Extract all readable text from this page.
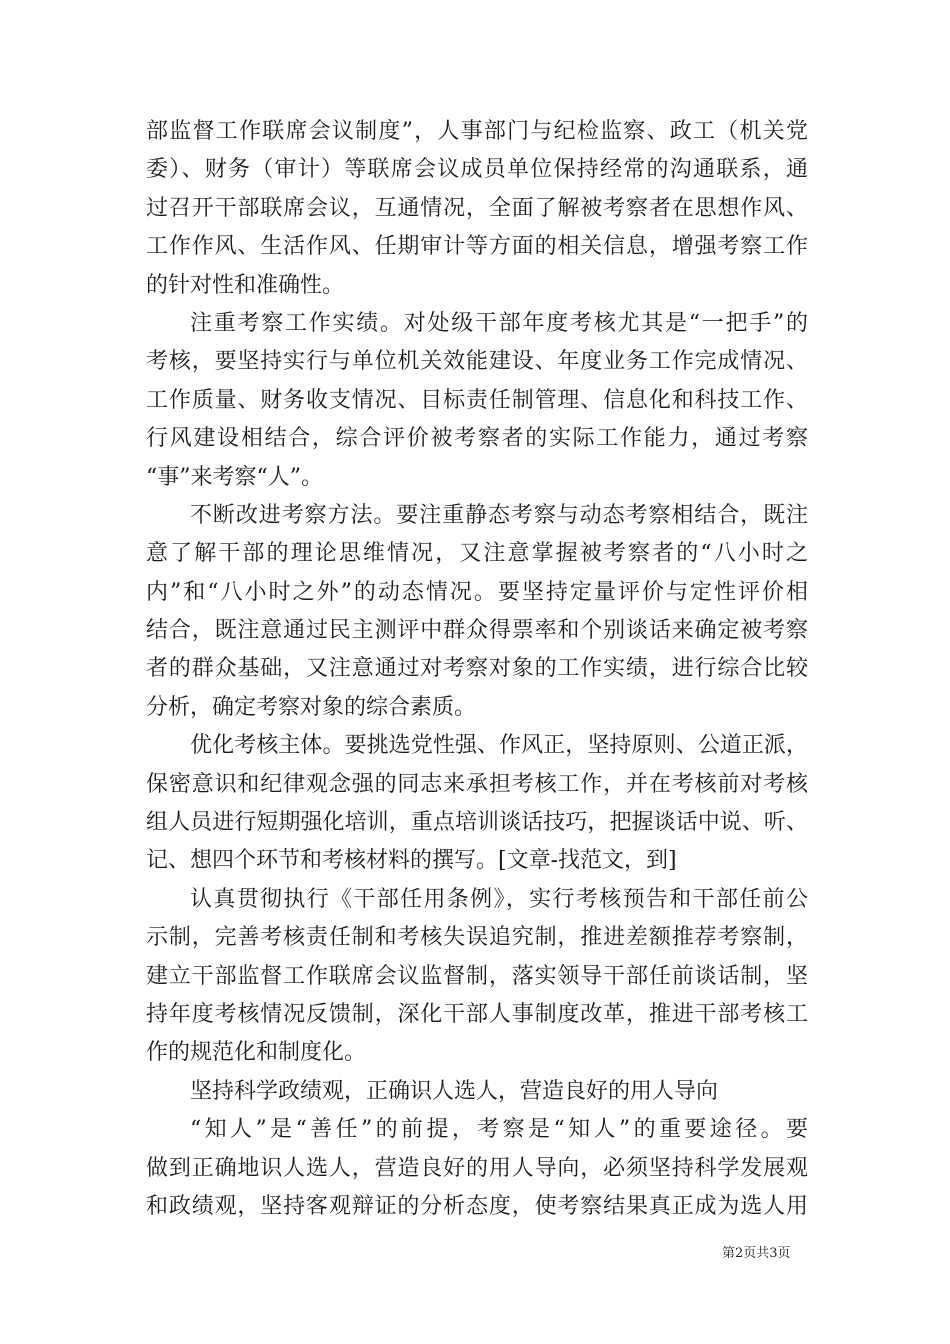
部监督工作联席会议制度”，人事部门与纪检监察、政工（机关党
委）、财务（审计）等联席会议成员单位保持经常的沟通联系，通
过召开干部联席会议，互通情况，全面了解被考察者在思想作风、
工作作风、生活作风、任期审计等方面的相关信息，增强考察工作
的针对性和准确性。
注重考察工作实绩。对处级干部年度考核尤其是“一把手”的
考核，要坚持实行与单位机关效能建设、年度业务工作完成情况、
工作质量、财务收支情况、目标责任制管理、信息化和科技工作、
行风建设相结合，综合评价被考察者的实际工作能力，通过考察
“事”来考察“人”。
不断改进考察方法。要注重静态考察与动态考察相结合，既注
意了解干部的理论思维情况，又注意掌握被考察者的“八小时之
内”和“八小时之外”的动态情况。要坚持定量评价与定性评价相
结合，既注意通过民主测评中群众得票率和个别谈话来确定被考察
者的群众基础，又注意通过对考察对象的工作实绩，进行综合比较
分析，确定考察对象的综合素质。
优化考核主体。要挑选党性强、作风正，坚持原则、公道正派，
保密意识和纪律观念强的同志来承担考核工作，并在考核前对考核
组人员进行短期强化培训，重点培训谈话技巧，把握谈话中说、听、
记、想四个环节和考核材料的撰写。[文章-找范文，到]
认真贯彻执行《干部任用条例》，实行考核预告和干部任前公
示制，完善考核责任制和考核失误追究制，推进差额推荐考察制，
建立干部监督工作联席会议监督制，落实领导干部任前谈话制，坚
持年度考核情况反馈制，深化干部人事制度改革，推进干部考核工
作的规范化和制度化。
坚持科学政绩观，正确识人选人，营造良好的用人导向
“知人”是“善任”的前提，考察是“知人”的重要途径。要
做到正确地识人选人，营造良好的用人导向，必须坚持科学发展观
和政绩观，坚持客观辩证的分析态度，使考察结果真正成为选人用
第2页共3页
